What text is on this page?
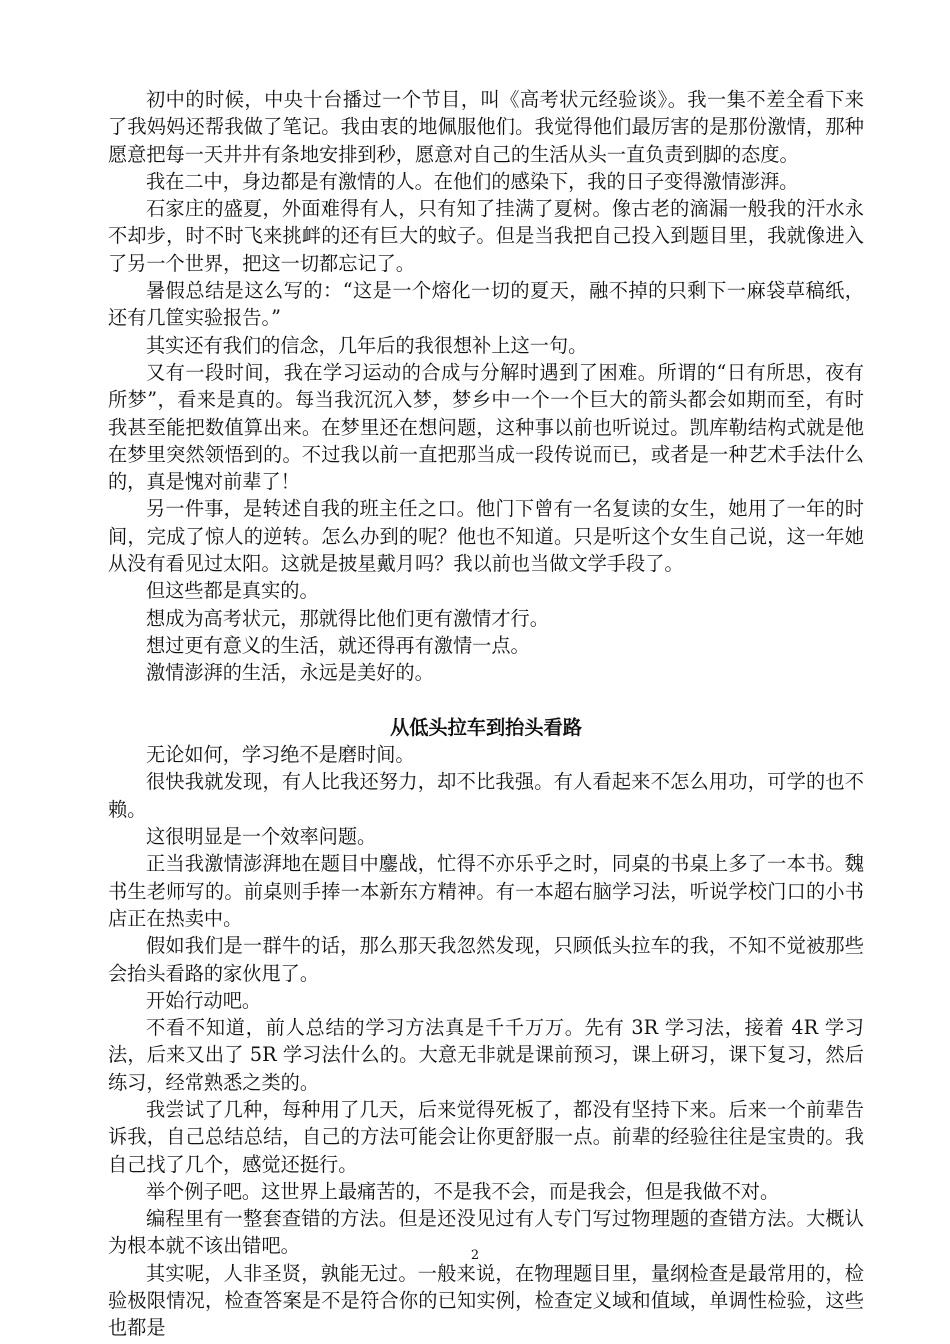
初中的时候，中央十台播过一个节目，叫《高考状元经验谈》。我一集不差全看下来了我妈妈还帮我做了笔记。我由衷的地佩服他们。我觉得他们最厉害的是那份激情，那种愿意把每一天井井有条地安排到秒，愿意对自己的生活从头一直负责到脚的态度。

我在二中，身边都是有激情的人。在他们的感染下，我的日子变得激情澎湃。

石家庄的盛夏，外面难得有人，只有知了挂满了夏树。像古老的滴漏一般我的汗水永不却步，时不时飞来挑衅的还有巨大的蚊子。但是当我把自己投入到题目里，我就像进入了另一个世界，把这一切都忘记了。

暑假总结是这么写的：“这是一个熔化一切的夏天，融不掉的只剩下一麻袋草稿纸，还有几筐实验报告。”

其实还有我们的信念，几年后的我很想补上这一句。

又有一段时间，我在学习运动的合成与分解时遇到了困难。所谓的“日有所思，夜有所梦”，看来是真的。每当我沉沉入梦，梦乡中一个一个巨大的箭头都会如期而至，有时我甚至能把数值算出来。在梦里还在想问题，这种事以前也听说过。凯库勒结构式就是他在梦里突然领悟到的。不过我以前一直把那当成一段传说而已，或者是一种艺术手法什么的，真是愧对前辈了！

另一件事，是转述自我的班主任之口。他门下曾有一名复读的女生，她用了一年的时间，完成了惊人的逆转。怎么办到的呢？他也不知道。只是听这个女生自己说，这一年她从没有看见过太阳。这就是披星戴月吗？我以前也当做文学手段了。

但这些都是真实的。

想成为高考状元，那就得比他们更有激情才行。

想过更有意义的生活，就还得再有激情一点。

激情澎湃的生活，永远是美好的。

从低头拉车到抬头看路

无论如何，学习绝不是磨时间。

很快我就发现，有人比我还努力，却不比我强。有人看起来不怎么用功，可学的也不赖。

这很明显是一个效率问题。

正当我激情澎湃地在题目中鏖战，忙得不亦乐乎之时，同桌的书桌上多了一本书。魏书生老师写的。前桌则手捧一本新东方精神。有一本超右脑学习法，听说学校门口的小书店正在热卖中。

假如我们是一群牛的话，那么那天我忽然发现，只顾低头拉车的我，不知不觉被那些会抬头看路的家伙甩了。

开始行动吧。

不看不知道，前人总结的学习方法真是千千万万。先有 3R 学习法，接着 4R 学习法，后来又出了 5R 学习法什么的。大意无非就是课前预习，课上研习，课下复习，然后练习，经常熟悉之类的。

我尝试了几种，每种用了几天，后来觉得死板了，都没有坚持下来。后来一个前辈告诉我，自己总结总结，自己的方法可能会让你更舒服一点。前辈的经验往往是宝贵的。我自己找了几个，感觉还挺行。

举个例子吧。这世界上最痛苦的，不是我不会，而是我会，但是我做不对。

编程里有一整套查错的方法。但是还没见过有人专门写过物理题的查错方法。大概认为根本就不该出错吧。

其实呢，人非圣贤，孰能无过。一般来说，在物理题目里，量纲检查是最常用的，检验极限情况，检查答案是不是符合你的已知实例，检查定义域和值域，单调性检验，这些也都是

2
